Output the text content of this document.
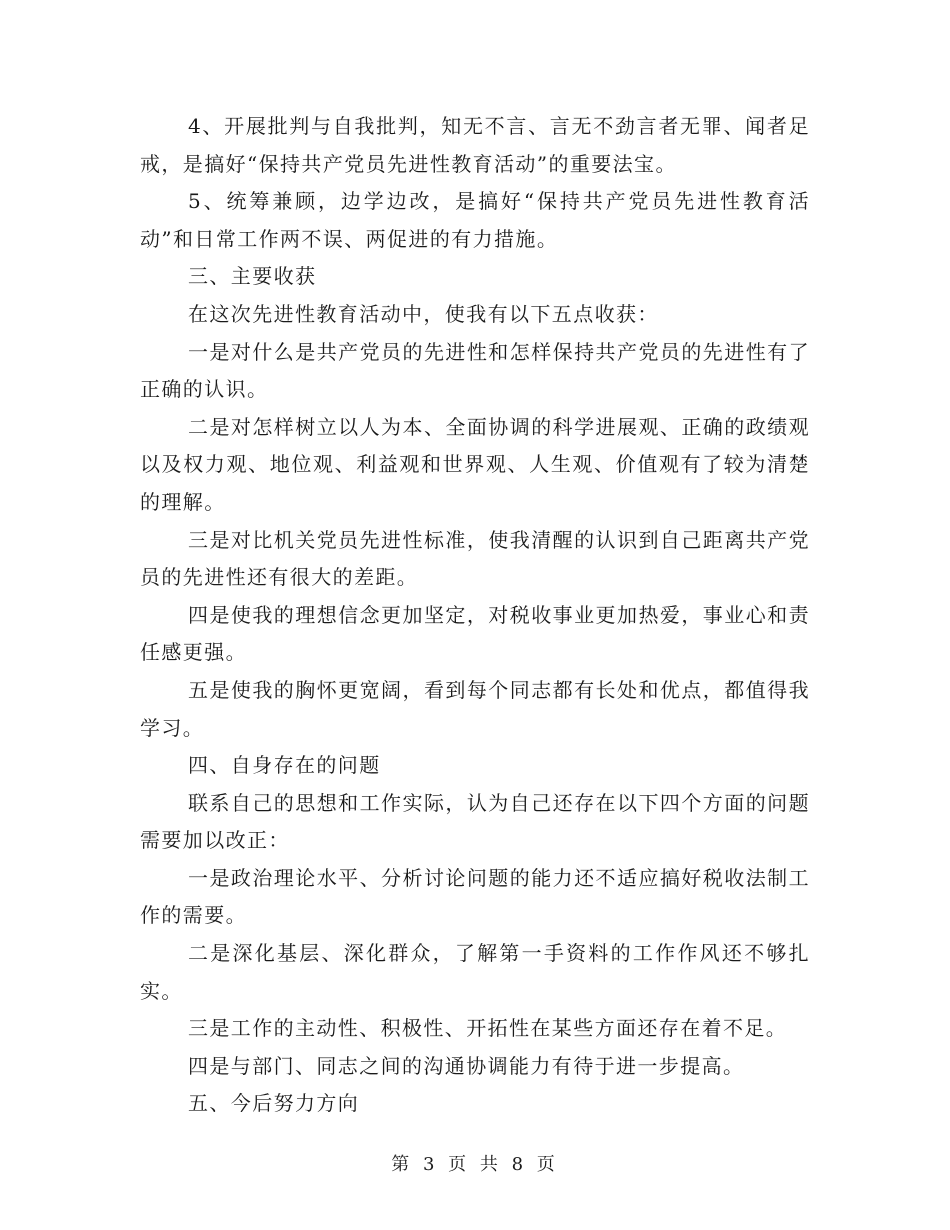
4、开展批判与自我批判，知无不言、言无不劲言者无罪、闻者足戒，是搞好“保持共产党员先进性教育活动”的重要法宝。

5、统筹兼顾，边学边改，是搞好“保持共产党员先进性教育活动”和日常工作两不误、两促进的有力措施。

三、主要收获

在这次先进性教育活动中，使我有以下五点收获：

一是对什么是共产党员的先进性和怎样保持共产党员的先进性有了正确的认识。

二是对怎样树立以人为本、全面协调的科学进展观、正确的政绩观以及权力观、地位观、利益观和世界观、人生观、价值观有了较为清楚的理解。

三是对比机关党员先进性标准，使我清醒的认识到自己距离共产党员的先进性还有很大的差距。

四是使我的理想信念更加坚定，对税收事业更加热爱，事业心和责任感更强。

五是使我的胸怀更宽阔，看到每个同志都有长处和优点，都值得我学习。

四、自身存在的问题

联系自己的思想和工作实际，认为自己还存在以下四个方面的问题需要加以改正：

一是政治理论水平、分析讨论问题的能力还不适应搞好税收法制工作的需要。

二是深化基层、深化群众，了解第一手资料的工作作风还不够扎实。

三是工作的主动性、积极性、开拓性在某些方面还存在着不足。

四是与部门、同志之间的沟通协调能力有待于进一步提高。

五、今后努力方向

第 3 页 共 8 页
